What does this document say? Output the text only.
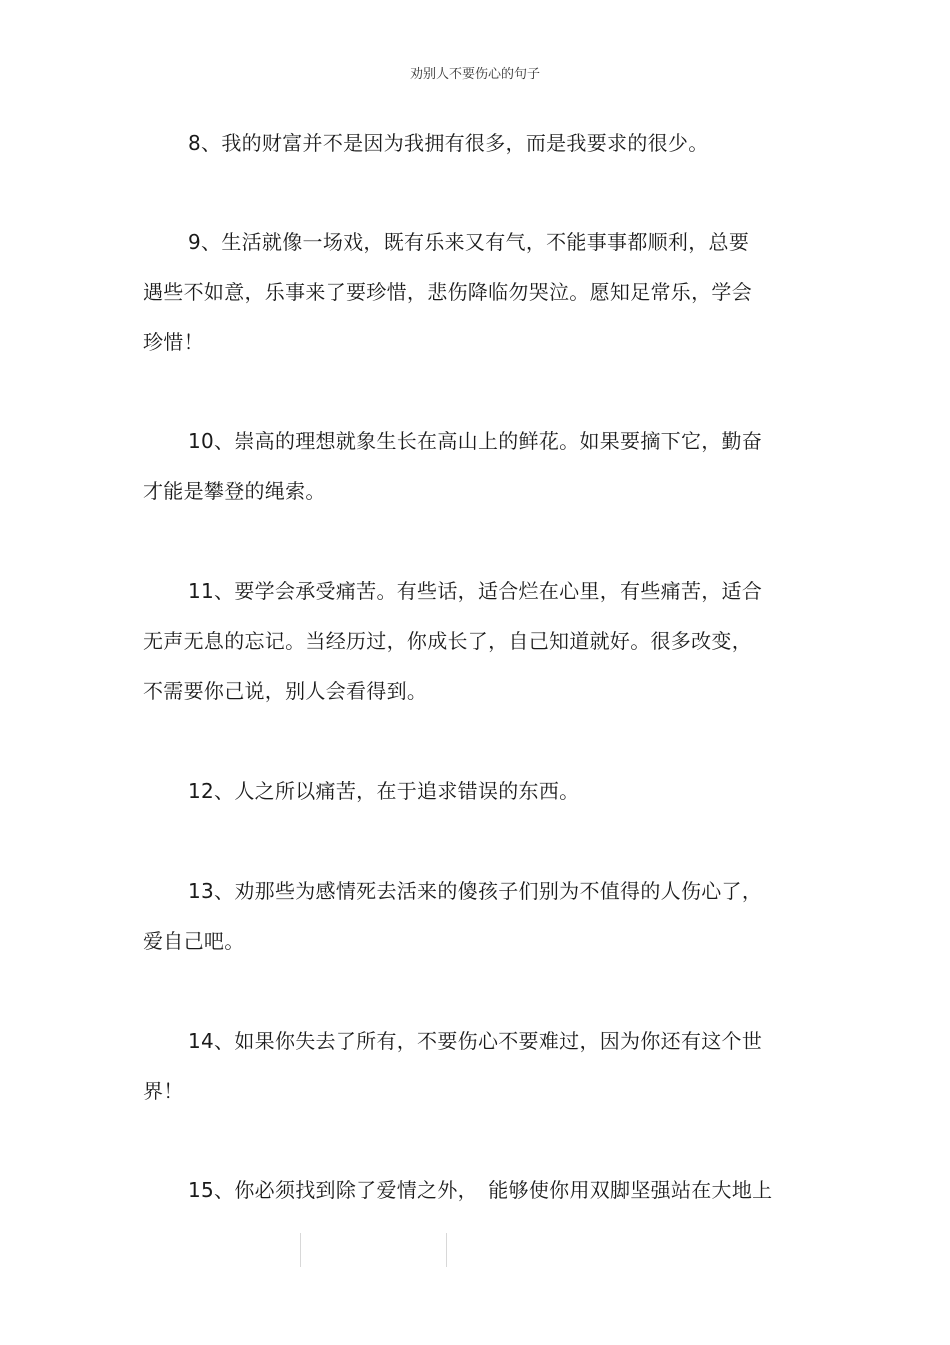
劝别人不要伤心的句子
8、我的财富并不是因为我拥有很多，而是我要求的很少。
9、生活就像一场戏，既有乐来又有气，不能事事都顺利，总要
遇些不如意，乐事来了要珍惜，悲伤降临勿哭泣。愿知足常乐，学会
珍惜！
10、崇高的理想就象生长在高山上的鲜花。如果要摘下它，勤奋
才能是攀登的绳索。
11、要学会承受痛苦。有些话，适合烂在心里，有些痛苦，适合
无声无息的忘记。当经历过，你成长了，自己知道就好。很多改变，
不需要你己说，别人会看得到。
12、人之所以痛苦，在于追求错误的东西。
13、劝那些为感情死去活来的傻孩子们别为不值得的人伤心了，
爱自己吧。
14、如果你失去了所有，不要伤心不要难过，因为你还有这个世
界！
15、你必须找到除了爱情之外，　能够使你用双脚坚强站在大地上
